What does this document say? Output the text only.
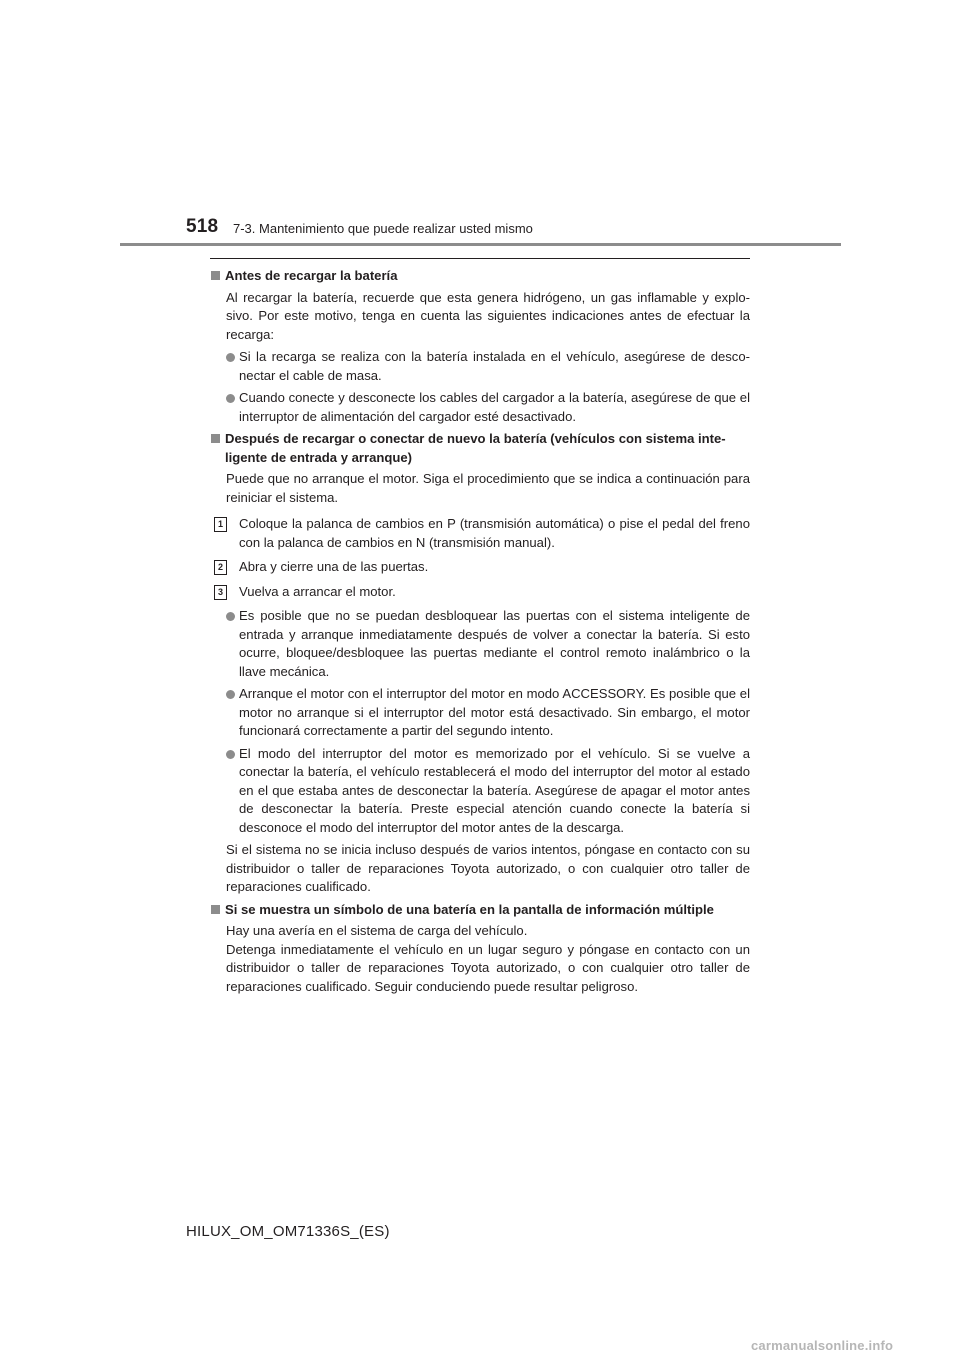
518 7-3. Mantenimiento que puede realizar usted mismo
Antes de recargar la batería
Al recargar la batería, recuerde que esta genera hidrógeno, un gas inflamable y explo-sivo. Por este motivo, tenga en cuenta las siguientes indicaciones antes de efectuar la recarga:
Si la recarga se realiza con la batería instalada en el vehículo, asegúrese de desco-nectar el cable de masa.
Cuando conecte y desconecte los cables del cargador a la batería, asegúrese de que el interruptor de alimentación del cargador esté desactivado.
Después de recargar o conectar de nuevo la batería (vehículos con sistema inte-ligente de entrada y arranque)
Puede que no arranque el motor. Siga el procedimiento que se indica a continuación para reiniciar el sistema.
1	Coloque la palanca de cambios en P (transmisión automática) o pise el pedal del freno con la palanca de cambios en N (transmisión manual).
2	Abra y cierre una de las puertas.
3	Vuelva a arrancar el motor.
Es posible que no se puedan desbloquear las puertas con el sistema inteligente de entrada y arranque inmediatamente después de volver a conectar la batería. Si esto ocurre, bloquee/desbloquee las puertas mediante el control remoto inalámbrico o la llave mecánica.
Arranque el motor con el interruptor del motor en modo ACCESSORY. Es posible que el motor no arranque si el interruptor del motor está desactivado. Sin embargo, el motor funcionará correctamente a partir del segundo intento.
El modo del interruptor del motor es memorizado por el vehículo. Si se vuelve a conectar la batería, el vehículo restablecerá el modo del interruptor del motor al estado en el que estaba antes de desconectar la batería. Asegúrese de apagar el motor antes de desconectar la batería. Preste especial atención cuando conecte la batería si desconoce el modo del interruptor del motor antes de la descarga.
Si el sistema no se inicia incluso después de varios intentos, póngase en contacto con su distribuidor o taller de reparaciones Toyota autorizado, o con cualquier otro taller de reparaciones cualificado.
Si se muestra un símbolo de una batería en la pantalla de información múltiple
Hay una avería en el sistema de carga del vehículo.
Detenga inmediatamente el vehículo en un lugar seguro y póngase en contacto con un distribuidor o taller de reparaciones Toyota autorizado, o con cualquier otro taller de reparaciones cualificado. Seguir conduciendo puede resultar peligroso.
HILUX_OM_OM71336S_(ES)
carmanualsonline.info
